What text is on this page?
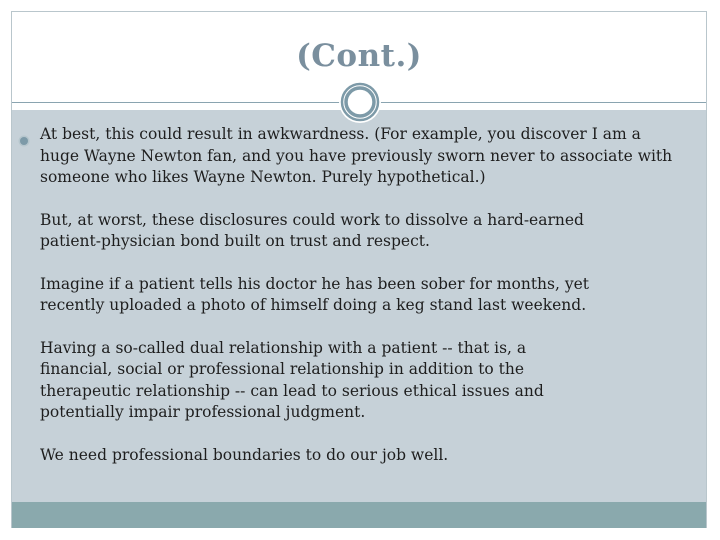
(Cont.)

At best, this could result in awkwardness. (For example, you discover I am a
huge Wayne Newton fan, and you have previously sworn never to associate with
someone who likes Wayne Newton. Purely hypothetical.)

But, at worst, these disclosures could work to dissolve a hard-earned
patient-physician bond built on trust and respect.

Imagine if a patient tells his doctor he has been sober for months, yet
recently uploaded a photo of himself doing a keg stand last weekend.

Having a so-called dual relationship with a patient -- that is, a
financial, social or professional relationship in addition to the
therapeutic relationship -- can lead to serious ethical issues and
potentially impair professional judgment.

We need professional boundaries to do our job well.
